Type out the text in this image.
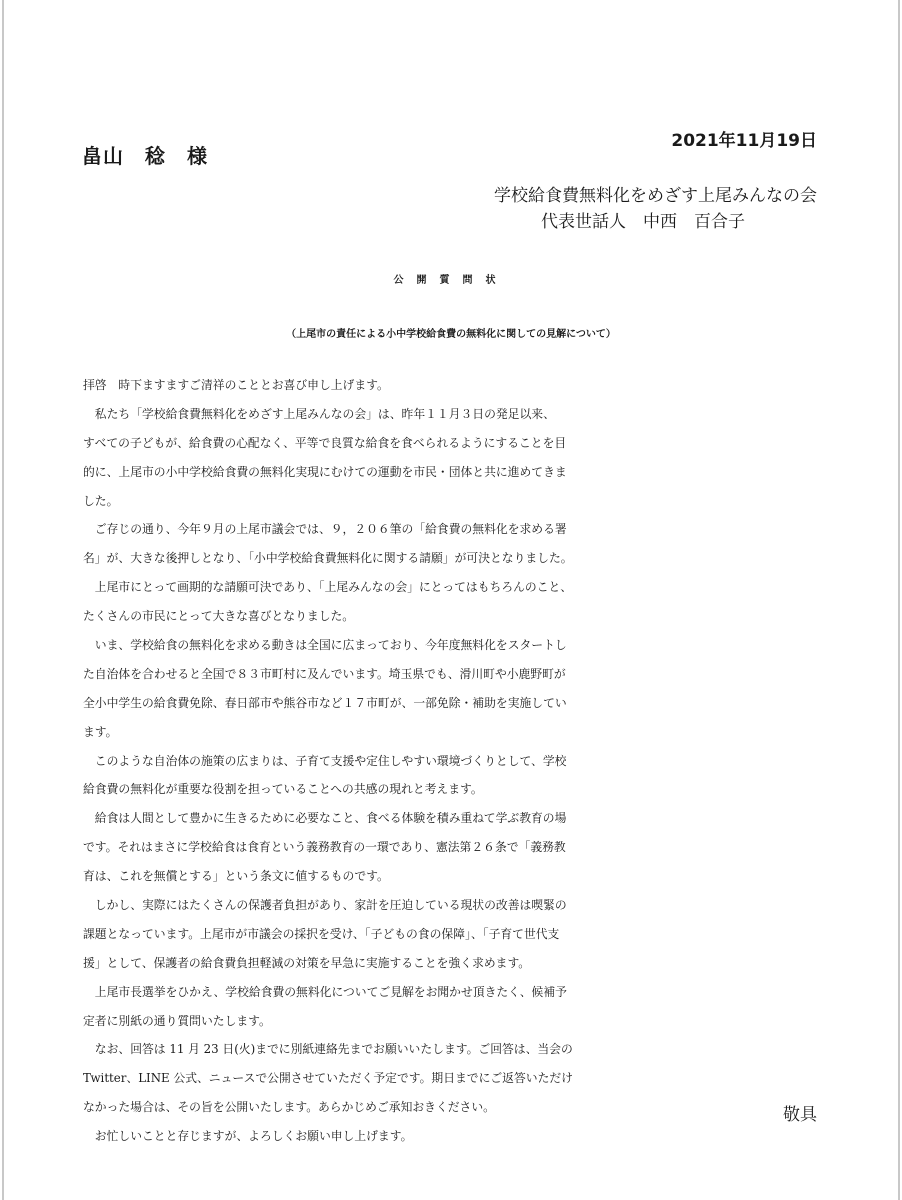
2021年11月19日
畠山　稔　様
学校給食費無料化をめざす上尾みんなの会
代表世話人　中西　百合子
公開質問状
（上尾市の責任による小中学校給食費の無料化に関しての見解について）
拝啓　時下ますますご清祥のこととお喜び申し上げます。
　私たち「学校給食費無料化をめざす上尾みんなの会」は、昨年１１月３日の発足以来、
すべての子どもが、給食費の心配なく、平等で良質な給食を食べられるようにすることを目
的に、上尾市の小中学校給食費の無料化実現にむけての運動を市民・団体と共に進めてきま
した。
　ご存じの通り、今年９月の上尾市議会では、９，２０６筆の「給食費の無料化を求める署
名」が、大きな後押しとなり、「小中学校給食費無料化に関する請願」が可決となりました。
　上尾市にとって画期的な請願可決であり、「上尾みんなの会」にとってはもちろんのこと、
たくさんの市民にとって大きな喜びとなりました。
　いま、学校給食の無料化を求める動きは全国に広まっており、今年度無料化をスタートし
た自治体を合わせると全国で８３市町村に及んでいます。埼玉県でも、滑川町や小鹿野町が
全小中学生の給食費免除、春日部市や熊谷市など１７市町が、一部免除・補助を実施してい
ます。
　このような自治体の施策の広まりは、子育て支援や定住しやすい環境づくりとして、学校
給食費の無料化が重要な役割を担っていることへの共感の現れと考えます。
　給食は人間として豊かに生きるために必要なこと、食べる体験を積み重ねて学ぶ教育の場
です。それはまさに学校給食は食育という義務教育の一環であり、憲法第２６条で「義務教
育は、これを無償とする」という条文に値するものです。
　しかし、実際にはたくさんの保護者負担があり、家計を圧迫している現状の改善は喫緊の
課題となっています。上尾市が市議会の採択を受け、「子どもの食の保障」、「子育て世代支
援」として、保護者の給食費負担軽減の対策を早急に実施することを強く求めます。
　上尾市長選挙をひかえ、学校給食費の無料化についてご見解をお聞かせ頂きたく、候補予
定者に別紙の通り質問いたします。
　なお、回答は 11 月 23 日(火)までに別紙連絡先までお願いいたします。ご回答は、当会の
Twitter、LINE 公式、ニュースで公開させていただく予定です。期日までにご返答いただけ
なかった場合は、その旨を公開いたします。あらかじめご承知おきください。
　お忙しいことと存じますが、よろしくお願い申し上げます。
敬具
